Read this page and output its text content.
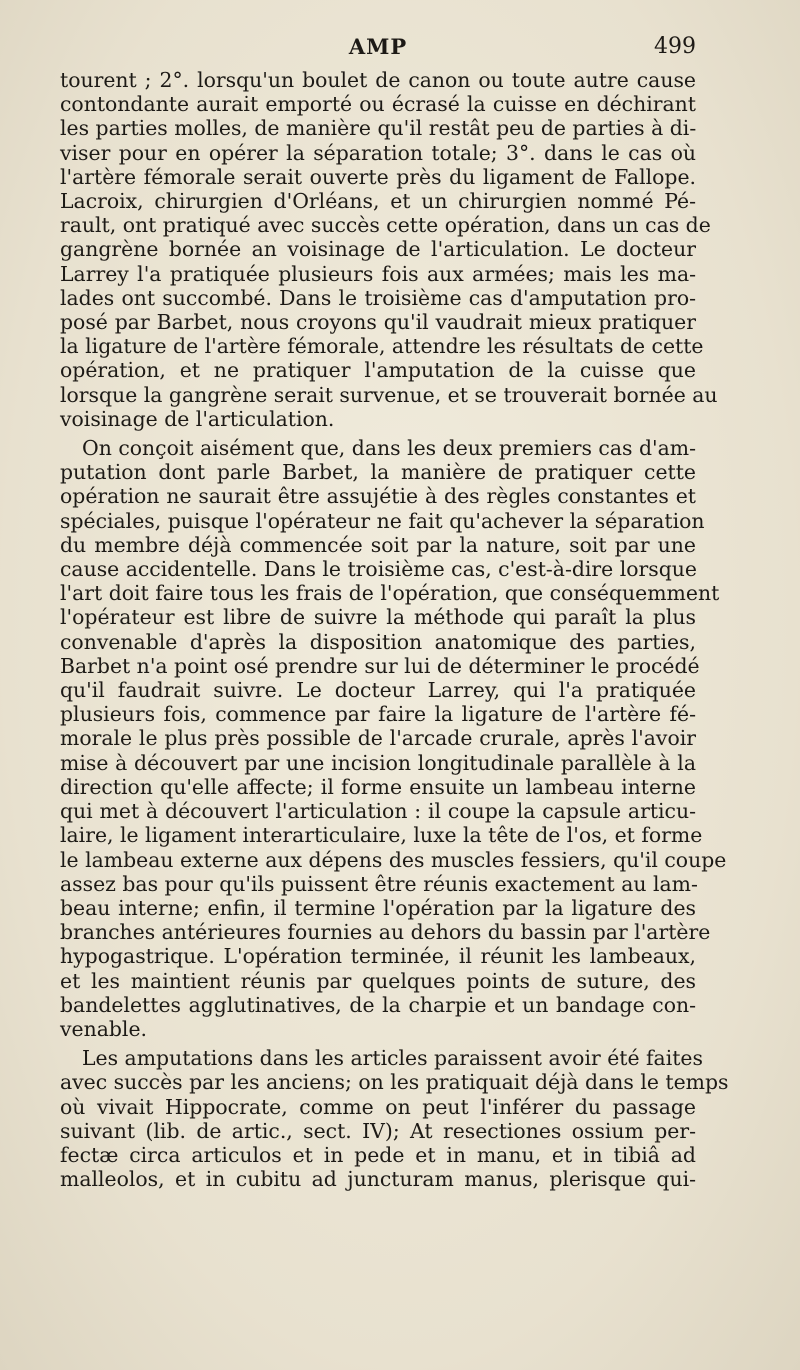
AMP	499
tourent ; 2°. lorsqu'un boulet de canon ou toute autre cause
contondante aurait emporté ou écrasé la cuisse en déchirant
les parties molles, de manière qu'il restât peu de parties à di-
viser pour en opérer la séparation totale; 3°. dans le cas où
l'artère fémorale serait ouverte près du ligament de Fallope.
Lacroix, chirurgien d'Orléans, et un chirurgien nommé Pé-
rault, ont pratiqué avec succès cette opération, dans un cas de
gangrène bornée an voisinage de l'articulation. Le docteur
Larrey l'a pratiquée plusieurs fois aux armées; mais les ma-
lades ont succombé. Dans le troisième cas d'amputation pro-
posé par Barbet, nous croyons qu'il vaudrait mieux pratiquer
la ligature de l'artère fémorale, attendre les résultats de cette
opération, et ne pratiquer l'amputation de la cuisse que
lorsque la gangrène serait survenue, et se trouverait bornée au
voisinage de l'articulation.
On conçoit aisément que, dans les deux premiers cas d'am-
putation dont parle Barbet, la manière de pratiquer cette
opération ne saurait être assujétie à des règles constantes et
spéciales, puisque l'opérateur ne fait qu'achever la séparation
du membre déjà commencée soit par la nature, soit par une
cause accidentelle. Dans le troisième cas, c'est-à-dire lorsque
l'art doit faire tous les frais de l'opération, que conséquemment
l'opérateur est libre de suivre la méthode qui paraît la plus
convenable d'après la disposition anatomique des parties,
Barbet n'a point osé prendre sur lui de déterminer le procédé
qu'il faudrait suivre. Le docteur Larrey, qui l'a pratiquée
plusieurs fois, commence par faire la ligature de l'artère fé-
morale le plus près possible de l'arcade crurale, après l'avoir
mise à découvert par une incision longitudinale parallèle à la
direction qu'elle affecte; il forme ensuite un lambeau interne
qui met à découvert l'articulation : il coupe la capsule articu-
laire, le ligament interarticulaire, luxe la tête de l'os, et forme
le lambeau externe aux dépens des muscles fessiers, qu'il coupe
assez bas pour qu'ils puissent être réunis exactement au lam-
beau interne; enfin, il termine l'opération par la ligature des
branches antérieures fournies au dehors du bassin par l'artère
hypogastrique. L'opération terminée, il réunit les lambeaux,
et les maintient réunis par quelques points de suture, des
bandelettes agglutinatives, de la charpie et un bandage con-
venable.
Les amputations dans les articles paraissent avoir été faites
avec succès par les anciens; on les pratiquait déjà dans le temps
où vivait Hippocrate, comme on peut l'inférer du passage
suivant (lib. de artic., sect. IV); At resectiones ossium per-
fectæ circa articulos et in pede et in manu, et in tibiâ ad
malleolos, et in cubitu ad juncturam manus, plerisque qui-
